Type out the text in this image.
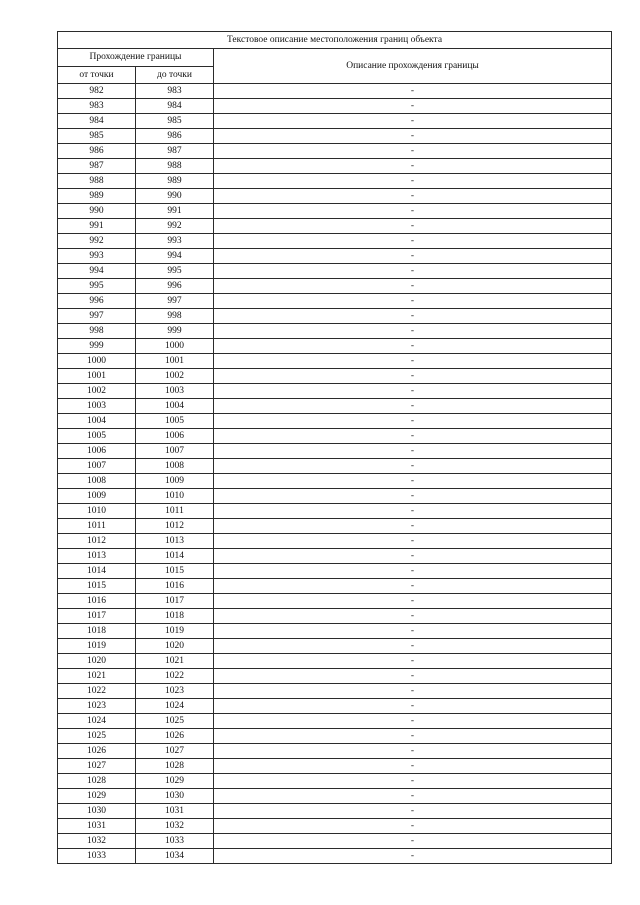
Текстовое описание местоположения границ объекта		
Прохождение границы		Описание прохождения границы
от точки	до точки	
982	983	-
983	984	-
984	985	-
985	986	-
986	987	-
987	988	-
988	989	-
989	990	-
990	991	-
991	992	-
992	993	-
993	994	-
994	995	-
995	996	-
996	997	-
997	998	-
998	999	-
999	1000	-
1000	1001	-
1001	1002	-
1002	1003	-
1003	1004	-
1004	1005	-
1005	1006	-
1006	1007	-
1007	1008	-
1008	1009	-
1009	1010	-
1010	1011	-
1011	1012	-
1012	1013	-
1013	1014	-
1014	1015	-
1015	1016	-
1016	1017	-
1017	1018	-
1018	1019	-
1019	1020	-
1020	1021	-
1021	1022	-
1022	1023	-
1023	1024	-
1024	1025	-
1025	1026	-
1026	1027	-
1027	1028	-
1028	1029	-
1029	1030	-
1030	1031	-
1031	1032	-
1032	1033	-
1033	1034	-
